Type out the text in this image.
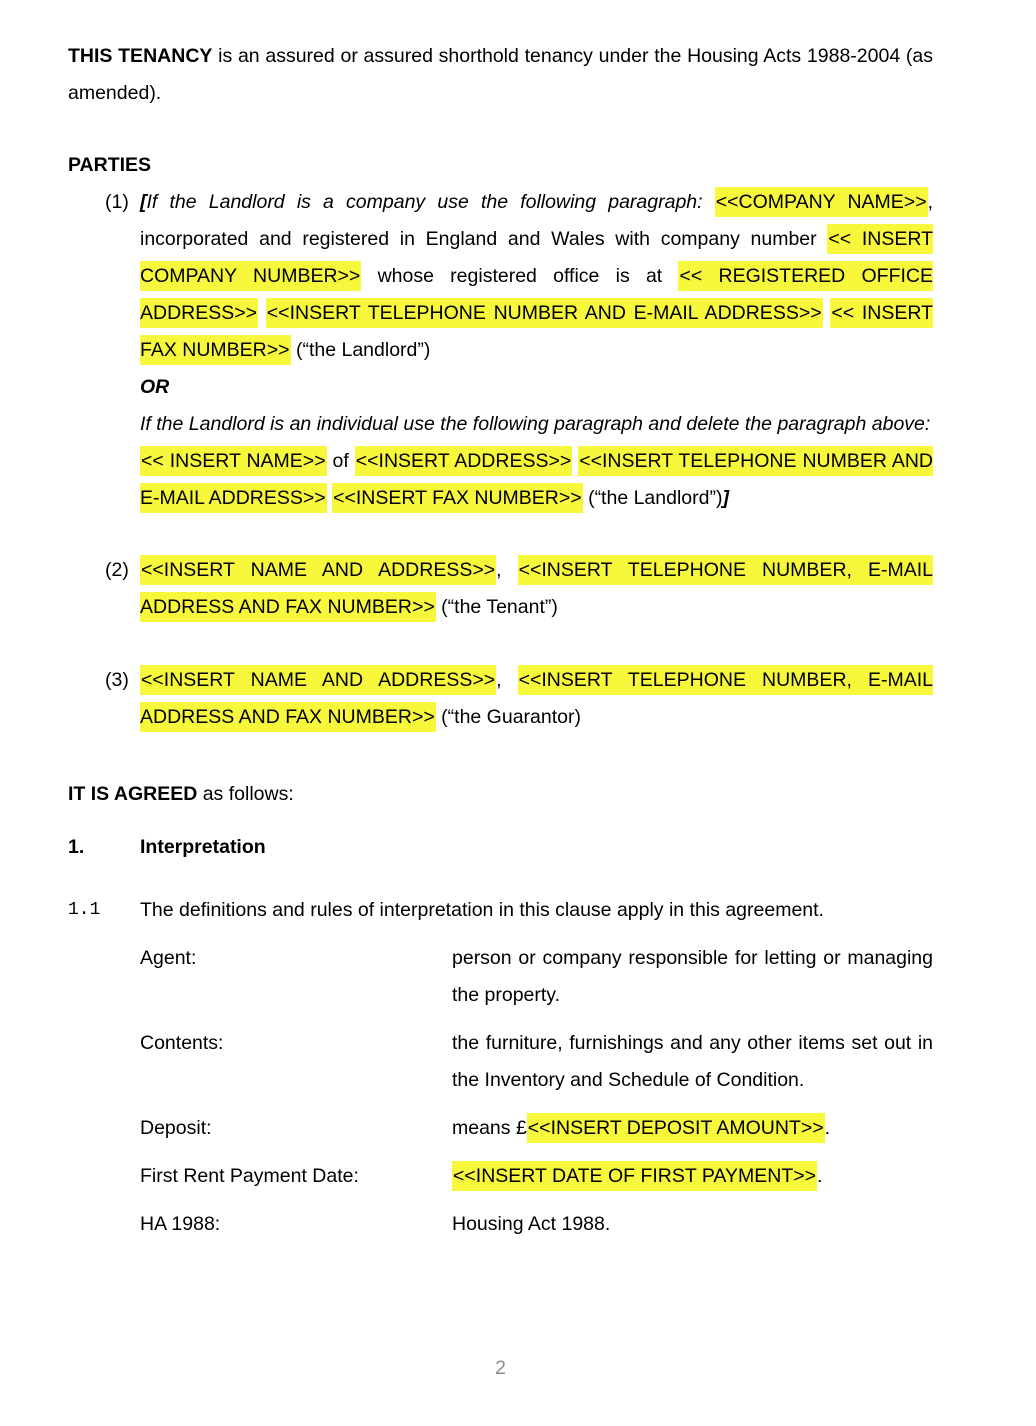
THIS TENANCY is an assured or assured shorthold tenancy under the Housing Acts 1988-2004 (as amended).

PARTIES

(1) [If the Landlord is a company use the following paragraph: <<COMPANY NAME>>, incorporated and registered in England and Wales with company number << INSERT COMPANY NUMBER>> whose registered office is at << REGISTERED OFFICE ADDRESS>> <<INSERT TELEPHONE NUMBER AND E-MAIL ADDRESS>> << INSERT FAX NUMBER>> (“the Landlord”)

OR

If the Landlord is an individual use the following paragraph and delete the paragraph above:

<< INSERT NAME>> of <<INSERT ADDRESS>> <<INSERT TELEPHONE NUMBER AND E-MAIL ADDRESS>> <<INSERT FAX NUMBER>> (“the Landlord”)]

(2) <<INSERT NAME AND ADDRESS>>, <<INSERT TELEPHONE NUMBER, E-MAIL ADDRESS AND FAX NUMBER>> (“the Tenant”)

(3) <<INSERT NAME AND ADDRESS>>, <<INSERT TELEPHONE NUMBER, E-MAIL ADDRESS AND FAX NUMBER>> (“the Guarantor)

IT IS AGREED as follows:

1.	Interpretation
1.1	The definitions and rules of interpretation in this clause apply in this agreement.
Agent:	person or company responsible for letting or managing the property.
Contents:	the furniture, furnishings and any other items set out in the Inventory and Schedule of Condition.
Deposit:	means £<<INSERT DEPOSIT AMOUNT>>.
First Rent Payment Date:	<<INSERT DATE OF FIRST PAYMENT>>.
HA 1988:	Housing Act 1988.
2
